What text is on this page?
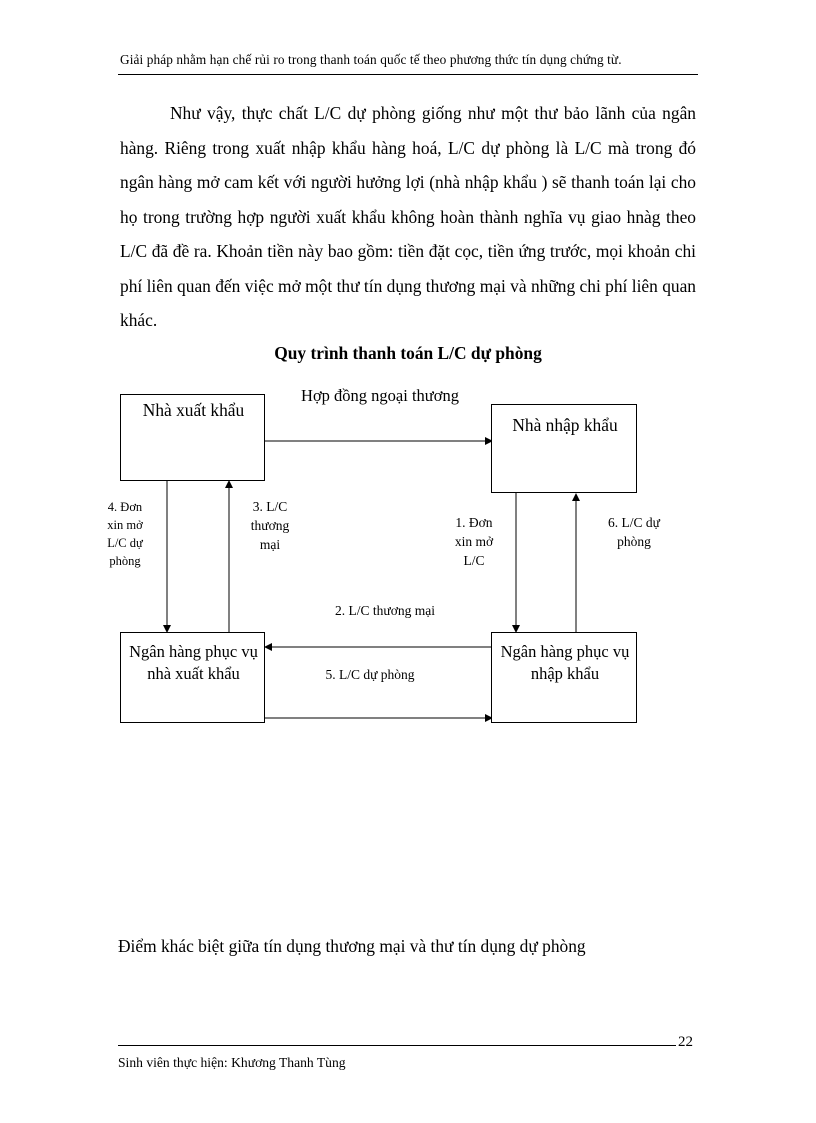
Giải pháp nhằm hạn chế rủi ro trong thanh toán quốc tế theo phương thức tín dụng chứng từ.
Như vậy, thực chất L/C dự phòng giống như một thư bảo lãnh của ngân hàng. Riêng trong xuất nhập khẩu hàng hoá, L/C dự phòng là L/C mà trong đó ngân hàng mở cam kết với người hưởng lợi (nhà nhập khẩu ) sẽ thanh toán lại cho họ trong trường hợp người xuất khẩu không hoàn thành nghĩa vụ giao hnàg theo L/C đã đề ra. Khoản tiền này bao gồm: tiền đặt cọc, tiền ứng trước, mọi khoản chi phí liên quan đến việc mở một thư tín dụng thương mại và những chi phí liên quan khác.
Quy trình thanh toán L/C dự phòng
Nhà xuất khẩu
Nhà nhập khẩu
Ngân hàng phục vụ nhà xuất khẩu
Ngân hàng phục vụ nhập khẩu
Hợp đồng ngoại thương
4. Đơn xin mở L/C dự phòng
3. L/C thương mại
1. Đơn xin mở L/C
6. L/C dự phòng
2. L/C thương mại
5. L/C dự phòng
Điểm khác biệt giữa tín dụng thương mại và thư tín dụng dự phòng
22
Sinh viên thực hiện: Khương Thanh Tùng
